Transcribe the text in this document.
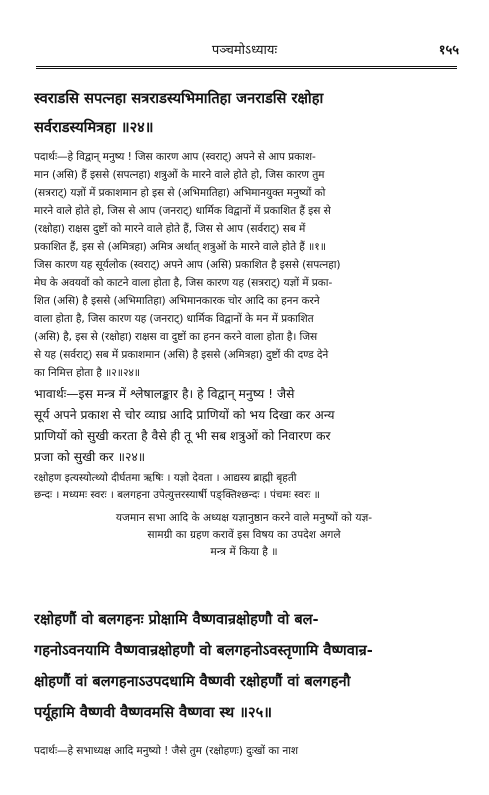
पञ्चमोऽध्यायः	१५५
स्वराडसि सपत्नहा सत्रराडस्यभिमातिहा जनराडसि रक्षोहा
सर्वराडस्यमित्रहा ॥२४॥
पदार्थः—हे विद्वान् मनुष्य ! जिस कारण आप (स्वराट्) अपने से आप प्रकाश-
मान (असि) हैं इससे (सपत्नहा) शत्रुओं के मारने वाले होते हो, जिस कारण तुम
(सत्रराट्) यज्ञों में प्रकाशमान हो इस से (अभिमातिहा) अभिमानयुक्त मनुष्यों को
मारने वाले होते हो, जिस से आप (जनराट्) धार्मिक विद्वानों में प्रकाशित हैं इस से
(रक्षोहा) राक्षस दुष्टों को मारने वाले होते हैं, जिस से आप (सर्वराट्) सब में
प्रकाशित हैं, इस से (अमित्रहा) अमित्र अर्थात् शत्रुओं के मारने वाले होते हैं ॥१॥
जिस कारण यह सूर्यलोक (स्वराट्) अपने आप (असि) प्रकाशित है इससे (सपत्नहा)
मेघ के अवयवों को काटने वाला होता है, जिस कारण यह (सत्रराट्) यज्ञों में प्रका-
शित (असि) है इससे (अभिमातिहा) अभिमानकारक चोर आदि का हनन करने
वाला होता है, जिस कारण यह (जनराट्) धार्मिक विद्वानों के मन में प्रकाशित
(असि) है, इस से (रक्षोहा) राक्षस वा दुष्टों का हनन करने वाला होता है। जिस
से यह (सर्वराट्) सब में प्रकाशमान (असि) है इससे (अमित्रहा) दुष्टों की दण्ड देने
का निमित्त होता है ॥२॥२४॥
भावार्थः—इस मन्त्र में श्लेषालङ्कार है। हे विद्वान् मनुष्य ! जैसे
सूर्य अपने प्रकाश से चोर व्याघ्र आदि प्राणियों को भय दिखा कर अन्य
प्राणियों को सुखी करता है वैसे ही तू भी सब शत्रुओं को निवारण कर
प्रजा को सुखी कर ॥२४॥
रक्षोहण इत्यस्योत्थ्यो दीर्घतमा ऋषिः । यज्ञो देवता । आद्यस्य ब्राह्मी बृहती
छन्दः । मध्यमः स्वरः । बलगहना उपेत्युत्तरस्यार्षी पङ्क्तिश्छन्दः । पंचमः स्वरः ॥
यजमान सभा आदि के अध्यक्ष यज्ञानुष्ठान करने वाले मनुष्यों को यज्ञ-
सामग्री का ग्रहण करावें इस विषय का उपदेश अगले
मन्त्र में किया है ॥
रक्षोहणौं वो बलगहनः प्रोक्षामि वैष्णवान्रक्षोहणौ वो बल-
गहनोऽवनयामि वैष्णवान्रक्षोहणौ वो बलगहनोऽवस्तृणामि वैष्णवान्र-
क्षोहणौं वां बलगहनाऽउपदधामि वैष्णवी रक्षोहणौं वां बलगहनौ
पर्यूहामि वैष्णवी वैष्णवमसि वैष्णवा स्थ ॥२५॥
पदार्थः—हे सभाध्यक्ष आदि मनुष्यो ! जैसे तुम (रक्षोहणः) दुःखों का नाश
